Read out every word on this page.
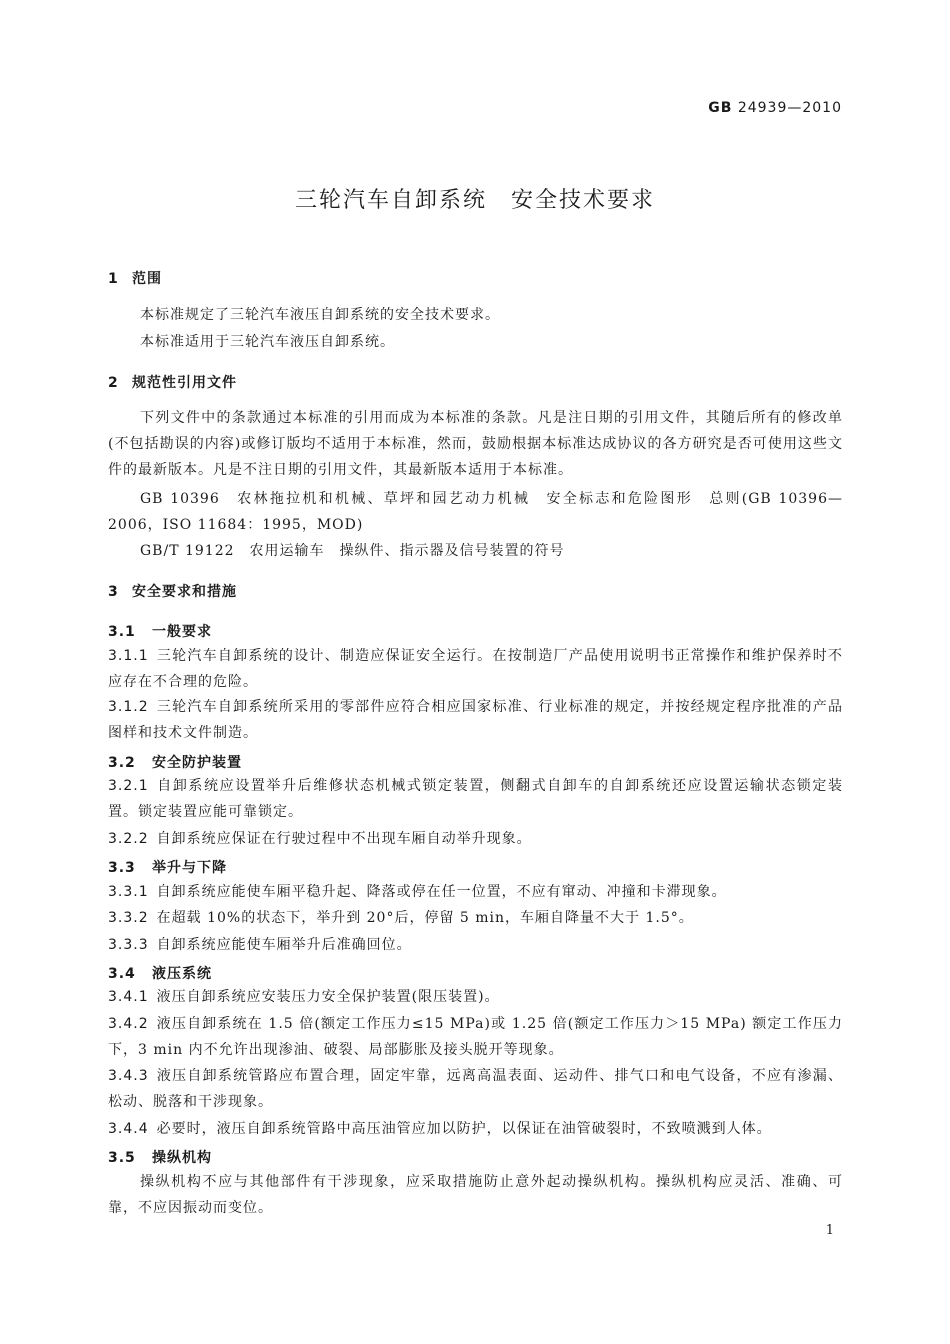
GB 24939—2010
三轮汽车自卸系统　安全技术要求
1 范围
本标准规定了三轮汽车液压自卸系统的安全技术要求。
本标准适用于三轮汽车液压自卸系统。
2 规范性引用文件
下列文件中的条款通过本标准的引用而成为本标准的条款。凡是注日期的引用文件，其随后所有的修改单(不包括勘误的内容)或修订版均不适用于本标准，然而，鼓励根据本标准达成协议的各方研究是否可使用这些文件的最新版本。凡是不注日期的引用文件，其最新版本适用于本标准。
GB 10396　农林拖拉机和机械、草坪和园艺动力机械　安全标志和危险图形　总则(GB 10396—2006，ISO 11684：1995，MOD)
GB/T 19122　农用运输车　操纵件、指示器及信号装置的符号
3 安全要求和措施
3.1 一般要求
3.1.1 三轮汽车自卸系统的设计、制造应保证安全运行。在按制造厂产品使用说明书正常操作和维护保养时不应存在不合理的危险。
3.1.2 三轮汽车自卸系统所采用的零部件应符合相应国家标准、行业标准的规定，并按经规定程序批准的产品图样和技术文件制造。
3.2 安全防护装置
3.2.1 自卸系统应设置举升后维修状态机械式锁定装置，侧翻式自卸车的自卸系统还应设置运输状态锁定装置。锁定装置应能可靠锁定。
3.2.2 自卸系统应保证在行驶过程中不出现车厢自动举升现象。
3.3 举升与下降
3.3.1 自卸系统应能使车厢平稳升起、降落或停在任一位置，不应有窜动、冲撞和卡滞现象。
3.3.2 在超载 10%的状态下，举升到 20°后，停留 5 min，车厢自降量不大于 1.5°。
3.3.3 自卸系统应能使车厢举升后准确回位。
3.4 液压系统
3.4.1 液压自卸系统应安装压力安全保护装置(限压装置)。
3.4.2 液压自卸系统在 1.5 倍(额定工作压力≤15 MPa)或 1.25 倍(额定工作压力＞15 MPa) 额定工作压力下，3 min 内不允许出现渗油、破裂、局部膨胀及接头脱开等现象。
3.4.3 液压自卸系统管路应布置合理，固定牢靠，远离高温表面、运动件、排气口和电气设备，不应有渗漏、松动、脱落和干涉现象。
3.4.4 必要时，液压自卸系统管路中高压油管应加以防护，以保证在油管破裂时，不致喷溅到人体。
3.5 操纵机构
操纵机构不应与其他部件有干涉现象，应采取措施防止意外起动操纵机构。操纵机构应灵活、准确、可靠，不应因振动而变位。
1
